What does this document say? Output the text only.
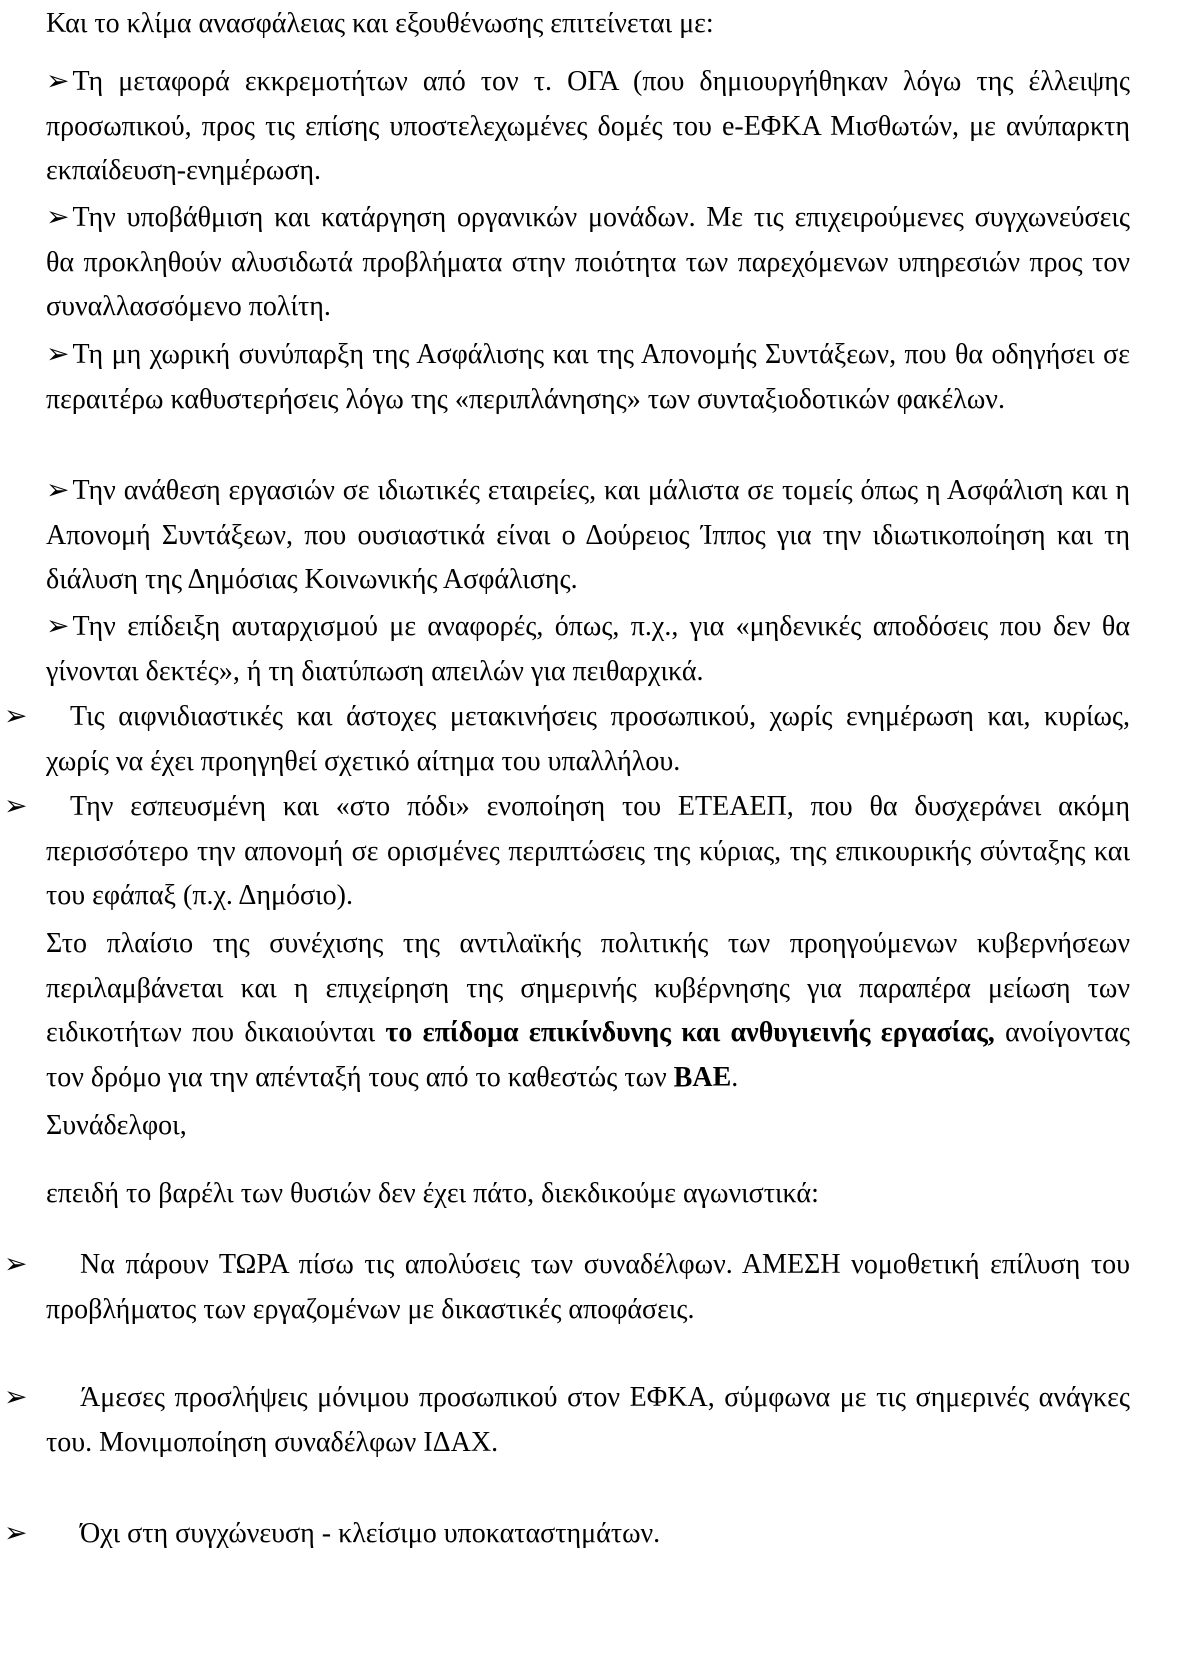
Και το κλίμα ανασφάλειας και εξουθένωσης επιτείνεται με:

➢ Τη μεταφορά εκκρεμοτήτων από τον τ. ΟΓΑ (που δημιουργήθηκαν λόγω της έλλειψης προσωπικού, προς τις επίσης υποστελεχωμένες δομές του e-ΕΦΚΑ Μισθωτών, με ανύπαρκτη εκπαίδευση-ενημέρωση.

➢ Την υποβάθμιση και κατάργηση οργανικών μονάδων. Με τις επιχειρούμενες συγχωνεύσεις θα προκληθούν αλυσιδωτά προβλήματα στην ποιότητα των παρεχόμενων υπηρεσιών προς τον συναλλασσόμενο πολίτη.

➢ Τη μη χωρική συνύπαρξη της Ασφάλισης και της Απονομής Συντάξεων, που θα οδηγήσει σε περαιτέρω καθυστερήσεις λόγω της «περιπλάνησης» των συνταξιοδοτικών φακέλων.

➢ Την ανάθεση εργασιών σε ιδιωτικές εταιρείες, και μάλιστα σε τομείς όπως η Ασφάλιση και η Απονομή Συντάξεων, που ουσιαστικά είναι ο Δούρειος Ίππος για την ιδιωτικοποίηση και τη διάλυση της Δημόσιας Κοινωνικής Ασφάλισης.

➢ Την επίδειξη αυταρχισμού με αναφορές, όπως, π.χ., για «μηδενικές αποδόσεις που δεν θα γίνονται δεκτές», ή τη διατύπωση απειλών για πειθαρχικά.

➢	Τις αιφνιδιαστικές και άστοχες μετακινήσεις προσωπικού, χωρίς ενημέρωση και, κυρίως, χωρίς να έχει προηγηθεί σχετικό αίτημα του υπαλλήλου.

➢	Την εσπευσμένη και «στο πόδι» ενοποίηση του ΕΤΕΑΕΠ, που θα δυσχεράνει ακόμη περισσότερο την απονομή σε ορισμένες περιπτώσεις της κύριας, της επικουρικής σύνταξης και του εφάπαξ (π.χ. Δημόσιο).

Στο πλαίσιο της συνέχισης της αντιλαϊκής πολιτικής των προηγούμενων κυβερνήσεων περιλαμβάνεται και η επιχείρηση της σημερινής κυβέρνησης για παραπέρα μείωση των ειδικοτήτων που δικαιούνται το επίδομα επικίνδυνης και ανθυγιεινής εργασίας, ανοίγοντας τον δρόμο για την απένταξή τους από το καθεστώς των ΒΑΕ.

Συνάδελφοι,

επειδή το βαρέλι των θυσιών δεν έχει πάτο, διεκδικούμε αγωνιστικά:

➢	Να πάρουν ΤΩΡΑ πίσω τις απολύσεις των συναδέλφων. ΑΜΕΣΗ νομοθετική επίλυση του προβλήματος των εργαζομένων με δικαστικές αποφάσεις.

➢	Άμεσες προσλήψεις μόνιμου προσωπικού στον ΕΦΚΑ, σύμφωνα με τις σημερινές ανάγκες του. Μονιμοποίηση συναδέλφων ΙΔΑΧ.

➢	Όχι στη συγχώνευση - κλείσιμο υποκαταστημάτων.
